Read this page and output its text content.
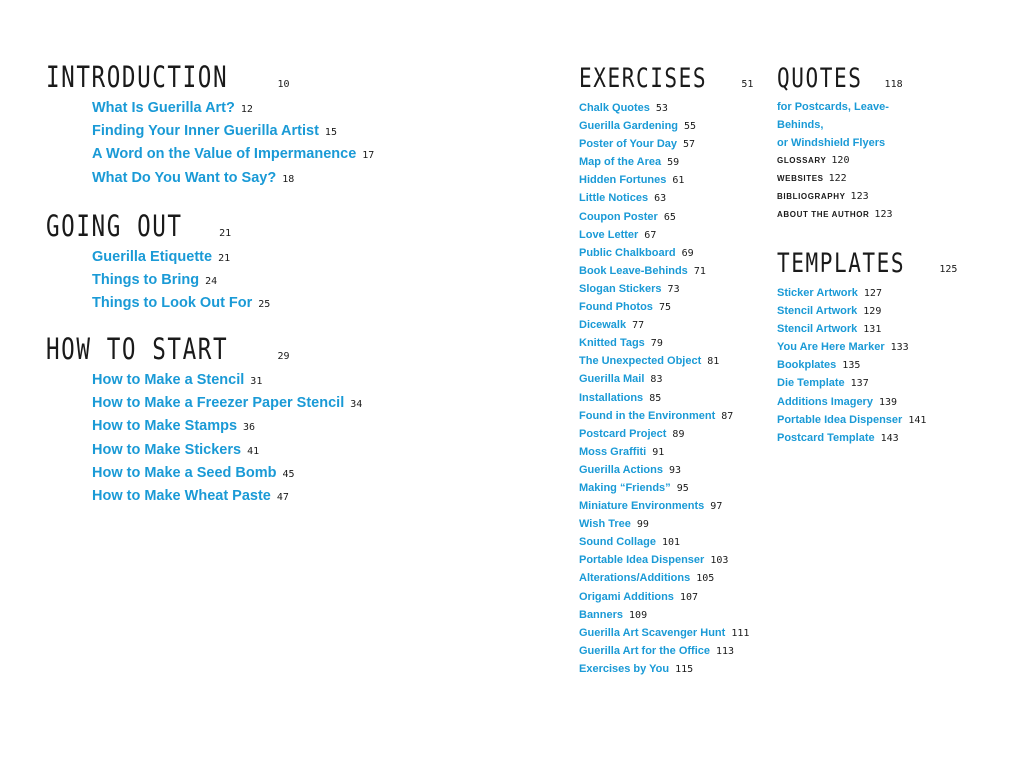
INTRODUCTION	10
What Is Guerilla Art? 12
Finding Your Inner Guerilla Artist 15
A Word on the Value of Impermanence 17
What Do You Want to Say? 18
GOING OUT	21
Guerilla Etiquette 21
Things to Bring 24
Things to Look Out For 25
HOW TO START	29
How to Make a Stencil 31
How to Make a Freezer Paper Stencil 34
How to Make Stamps 36
How to Make Stickers 41
How to Make a Seed Bomb 45
How to Make Wheat Paste 47
EXERCISES	51
Chalk Quotes 53
Guerilla Gardening 55
Poster of Your Day 57
Map of the Area 59
Hidden Fortunes 61
Little Notices 63
Coupon Poster 65
Love Letter 67
Public Chalkboard 69
Book Leave-Behinds 71
Slogan Stickers 73
Found Photos 75
Dicewalk 77
Knitted Tags 79
The Unexpected Object 81
Guerilla Mail 83
Installations 85
Found in the Environment 87
Postcard Project 89
Moss Graffiti 91
Guerilla Actions 93
Making “Friends” 95
Miniature Environments 97
Wish Tree 99
Sound Collage 101
Portable Idea Dispenser 103
Alterations/Additions 105
Origami Additions 107
Banners 109
Guerilla Art Scavenger Hunt 111
Guerilla Art for the Office 113
Exercises by You 115
QUOTES 118
for Postcards, Leave-Behinds,
or Windshield Flyers
GLOSSARY 120
WEBSITES 122
BIBLIOGRAPHY 123
ABOUT THE AUTHOR 123
TEMPLATES	125
Sticker Artwork 127
Stencil Artwork 129
Stencil Artwork 131
You Are Here Marker 133
Bookplates 135
Die Template 137
Additions Imagery 139
Portable Idea Dispenser 141
Postcard Template 143
